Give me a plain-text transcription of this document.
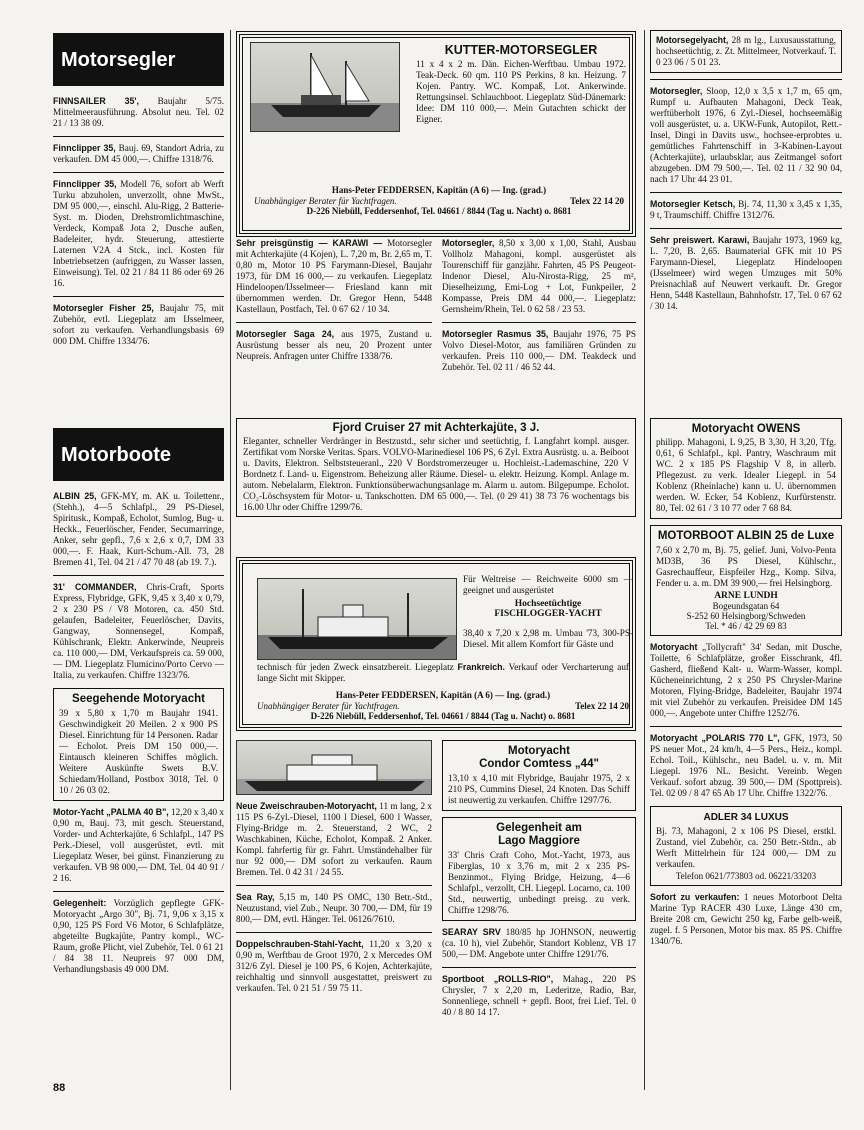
Motorsegler
FINNSAILER 35', Baujahr 5/75. Mittelmeerausführung. Absolut neu. Tel. 02 21 / 13 38 09.
Finnclipper 35, Bauj. 69, Standort Adria, zu verkaufen. DM 45 000,—. Chiffre 1318/76.
Finnclipper 35, Modell 76, sofort ab Werft Turku abzuholen, unverzollt, ohne MwSt., DM 95 000,—, einschl. Alu-Rigg, 2 Batterie-Syst. m. Dioden, Drehstromlichtmaschine, Verdeck, Kompaß Jota 2, Dusche außen, Badeleiter, hydr. Steuerung, attestierte Laternen V2A 4 Stck., incl. Kosten für Inbetriebsetzen (aufriggen, zu Wasser lassen, Einweisung). Tel. 02 21 / 84 11 86 oder 69 26 16.
Motorsegler Fisher 25, Baujahr 75, mit Zubehör, evtl. Liegeplatz am IJsselmeer, sofort zu verkaufen. Verhandlungsbasis 69 000 DM. Chiffre 1334/76.
Motorboote
ALBIN 25, GFK-MY, m. AK u. Toilettenr., (Stehh.), 4—5 Schlafpl., 29 PS-Diesel, Spiritusk., Kompaß, Echolot, Sumlog, Bug- u. Heckk., Feuerlöscher, Fender, Secumarringe, Anker, sehr gepfl., 7,6 x 2,6 x 0,7, DM 33 000,—. F. Haak, Kurt-Schum.-All. 73, 28 Bremen 41, Tel. 04 21 / 47 70 48 (ab 19. 7.).
31' COMMANDER, Chris-Craft, Sports Express, Flybridge, GFK, 9,45 x 3,40 x 0,79, 2 x 230 PS / V8 Motoren, ca. 450 Std. gelaufen, Badeleiter, Feuerlöscher, Davits, Gangway, Sonnensegel, Kompaß, Kühlschrank, Elektr. Ankerwinde, Neupreis ca. 110 000,— DM, Verkaufspreis ca. 59 000,— DM. Liegeplatz Flumicino/Porto Cervo — Italia, zu verkaufen. Chiffre 1323/76.
Seegehende Motoryacht
39 x 5,80 x 1,70 m Baujahr 1941. Geschwindigkeit 20 Meilen. 2 x 900 PS Diesel. Einrichtung für 14 Personen. Radar — Echolot. Preis DM 150 000,—. Eintausch kleineren Schiffes möglich. Weitere Auskünfte Swets B.V. Schiedam/Holland, Postbox 3018, Tel. 0 10 / 26 03 02.
Motor-Yacht „PALMA 40 B", 12,20 x 3,40 x 0,90 m, Bauj. 73, mit gesch. Steuerstand, Vorder- und Achterkajüte, 6 Schlafpl., 147 PS Perk.-Diesel, voll ausgerüstet, evtl. mit Liegeplatz Weser, bei günst. Finanzierung zu verkaufen. VB 98 000,— DM. Tel. 04 40 91 / 2 16.
Gelegenheit: Vorzüglich gepflegte GFK-Motoryacht „Argo 30", Bj. 71, 9,06 x 3,15 x 0,90, 125 PS Ford V6 Motor, 6 Schlafplätze, abgeteilte Bugkajüte, Pantry kompl., WC-Raum, große Plicht, viel Zubehör, Tel. 0 61 21 / 84 38 11. Neupreis 97 000 DM, Verhandlungsbasis 49 000 DM.
KUTTER-MOTORSEGLER
11 x 4 x 2 m. Dän. Eichen-Werftbau. Umbau 1972. Teak-Deck. 60 qm. 110 PS Perkins, 8 kn. Heizung. 7 Kojen. Pantry. WC. Kompaß, Lot. Ankerwinde. Rettungsinsel. Schlauchboot. Liegeplatz Süd-Dänemark: Idee: DM 110 000,—. Mein Gutachten schickt der Eigner.
Hans-Peter FEDDERSEN, Kapitän (A 6) — Ing. (grad.)
Unabhängiger Berater für Yachtfragen.	Telex 22 14 20
D-226 Niebüll, Feddersenhof, Tel. 04661 / 8844 (Tag u. Nacht) o. 8681
Sehr preisgünstig — KARAWI — Motorsegler mit Achterkajüte (4 Kojen), L. 7,20 m, Br. 2,65 m, T. 0,80 m, Motor 10 PS Farymann-Diesel, Baujahr 1973, für DM 16 000,— zu verkaufen. Liegeplatz Hindeloopen/IJsselmeer— Friesland kann mit übernommen werden. Dr. Gregor Henn, 5448 Kastellaun, Postfach, Tel. 0 67 62 / 10 34.
Motorsegler Saga 24, aus 1975, Zustand u. Ausrüstung besser als neu, 20 Prozent unter Neupreis. Anfragen unter Chiffre 1338/76.
Motorsegler, 8,50 x 3,00 x 1,00, Stahl, Ausbau Vollholz Mahagoni, kompl. ausgerüstet als Tourenschiff für ganzjähr. Fahrten, 45 PS Peugeot-Indenor Diesel, Alu-Nirosta-Rigg, 25 m², Dieselheizung, Emi-Log + Lot, Funkpeiler, 2 Kompasse, Preis DM 44 000,—. Liegeplatz: Gernsheim/Rhein, Tel. 0 62 58 / 23 53.
Motorsegler Rasmus 35, Baujahr 1976, 75 PS Volvo Diesel-Motor, aus familiären Gründen zu verkaufen. Preis 110 000,— DM. Teakdeck und Zubehör. Tel. 02 11 / 46 52 44.
Fjord Cruiser 27 mit Achterkajüte, 3 J.
Eleganter, schneller Verdränger in Bestzustd., sehr sicher und seetüchtig, f. Langfahrt kompl. ausger. Zertifikat vom Norske Veritas. Spars. VOLVO-Marinediesel 106 PS, 6 Zyl. Extra Ausrüstg. u. a. Beiboot u. Davits, Elektron. Selbststeueranl., 220 V Bordstromerzeuger u. Hochleist.-Lademaschine, 220 V Bordnetz f. Land- u. Eigenstrom. Beheizung aller Räume. Diesel- u. elektr. Heizung. Kompl. Anlage m. autom. Nebelalarm, Elektron. Funktionsüberwachungsanlage m. Alarm u. autom. Bilgepumpe. Echolot. CO₂-Löschsystem für Motor- u. Tankschotten. DM 65 000,—. Tel. (0 29 41) 38 73 76 wochentags bis 16.00 Uhr oder Chiffre 1299/76.
Für Weltreise — Reichweite 6000 sm — geeignet und ausgerüstet
Hochseetüchtige
FISCHLOGGER-YACHT
38,40 x 7,20 x 2,98 m. Umbau '73, 300-PS-Diesel. Mit allem Komfort für Gäste und
technisch für jeden Zweck einsatzbereit. Liegeplatz Frankreich. Verkauf oder Vercharterung auf lange Sicht mit Skipper.
Hans-Peter FEDDERSEN, Kapitän (A 6) — Ing. (grad.)
Unabhängiger Berater für Yachtfragen.	Telex 22 14 20
D-226 Niebüll, Feddersenhof, Tel. 04661 / 8844 (Tag u. Nacht) o. 8681
Neue Zweischrauben-Motoryacht, 11 m lang, 2 x 115 PS 6-Zyl.-Diesel, 1100 l Diesel, 600 l Wasser, Flying-Bridge m. 2. Steuerstand, 2 WC, 2 Waschkabinen, Küche, Echolot, Kompaß. 2 Anker. Kompl. fahrfertig für gr. Fahrt. Umständehalber für nur 92 000,— DM sofort zu verkaufen. Raum Bremen. Tel. 0 42 31 / 24 55.
Sea Ray, 5,15 m, 140 PS OMC, 130 Betr.-Std., Neuzustand, viel Zub., Neupr. 30 700,— DM, für 19 800,— DM, evtl. Hänger. Tel. 06126/7610.
Doppelschrauben-Stahl-Yacht, 11,20 x 3,20 x 0,90 m, Werftbau de Groot 1970, 2 x Mercedes OM 312/6 Zyl. Diesel je 100 PS, 6 Kojen, Achterkajüte, reichhaltig und sinnvoll ausgestattet, preiswert zu verkaufen. Tel. 0 21 51 / 59 75 11.
Motoryacht
Condor Comtess „44"
13,10 x 4,10 mit Flybridge, Baujahr 1975, 2 x 210 PS, Cummins Diesel, 24 Knoten. Das Schiff ist neuwertig zu verkaufen. Chiffre 1297/76.
Gelegenheit am
Lago Maggiore
33' Chris Craft Coho, Mot.-Yacht, 1973, aus Fiberglas, 10 x 3,76 m, mit 2 x 235 PS-Benzinmot., Flying Bridge, Heizung, 4—6 Schlafpl., verzollt, CH. Liegepl. Locarno, ca. 100 Std., neuwertig, unbedingt preisg. zu verk. Chiffre 1298/76.
SEARAY SRV 180/85 hp JOHNSON, neuwertig (ca. 10 h), viel Zubehör, Standort Koblenz, VB 17 500,— DM. Angebote unter Chiffre 1291/76.
Sportboot „ROLLS-RIO", Mahag., 220 PS Chrysler, 7 x 2,20 m, Lederitze, Radio, Bar, Sonnenliege, schnell + gepfl. Boot, frei Lief. Tel. 0 40 / 8 80 14 17.
Motorsegelyacht, 28 m lg., Luxusausstattung, hochseetüchtig, z. Zt. Mittelmeer, Notverkauf. T. 0 23 06 / 5 01 23.
Motorsegler, Sloop, 12,0 x 3,5 x 1,7 m, 65 qm, Rumpf u. Aufbauten Mahagoni, Deck Teak, werftüberholt 1976, 6 Zyl.-Diesel, hochseemäßig voll ausgerüstet, u. a. UKW-Funk, Autopilot, Rett.-Insel, Dingi in Davits usw., hochsee-erprobtes u. gemütliches Fahrtenschiff in 3-Kabinen-Layout (Achterkajüte), urlaubsklar, aus Zeitmangel sofort abzugeben. DM 79 500,—. Tel. 02 11 / 32 90 04, nach 17 Uhr 44 23 01.
Motorsegler Ketsch, Bj. 74, 11,30 x 3,45 x 1,35, 9 t, Traumschiff. Chiffre 1312/76.
Sehr preiswert. Karawi, Baujahr 1973, 1969 kg, L. 7,20, B. 2,65. Baumaterial GFK mit 10 PS Farymann-Diesel, Liegeplatz Hindeloopen (IJsselmeer) wird wegen Umzuges mit 50% Preisnachlaß auf Neuwert verkauft. Dr. Gregor Henn, 5448 Kastellaun, Bahnhofstr. 17, Tel. 0 67 62 / 30 14.
Motoryacht OWENS
philipp. Mahagoni, L 9,25, B 3,30, H 3,20, Tfg. 0,61, 6 Schlafpl., kpl. Pantry, Waschraum mit WC. 2 x 185 PS Flagship V 8, in allerb. Pflegezust. zu verk. Idealer Liegepl. in 54 Koblenz (Rheinlache) kann u. U. übernommen werden. W. Ecker, 54 Koblenz, Kurfürstenstr. 80, Tel. 02 61 / 3 10 77 oder 7 68 84.
MOTORBOOT ALBIN 25 de Luxe
7,60 x 2,70 m, Bj. 75, gelief. Juni, Volvo-Penta MD3B, 36 PS Diesel, Kühlschr., Gasrechauffeur, Eispfeiler Hzg., Komp. Silva, Fender u. a. m. DM 39 900,— frei Helsingborg.
ARNE LUNDH
Bogeundsgatan 64
S-252 60 Helsingborg/Schweden
Tel. * 46 / 42 29 69 83
Motoryacht „Tollycraft" 34' Sedan, mit Dusche, Toilette, 6 Schlafplätze, großer Eisschrank, 4fl. Gasherd, fließend Kalt- u. Warm-Wasser, kompl. Kücheneinrichtung, 2 x 250 PS Chrysler-Marine Motoren, Flying-Bridge, Badeleiter, Baujahr 1974 mit viel Zubehör zu verkaufen. Preisidee DM 145 000,—. Angebote unter Chiffre 1252/76.
Motoryacht „POLARIS 770 L", GFK, 1973, 50 PS neuer Mot., 24 km/h, 4—5 Pers., Heiz., kompl. Echol. Toil., Kühlschr., neu Badel. u. v. m. Mit Liegepl. 1976 NL. Besicht. Vereinb. Wegen Verkauf. sofort abzug. 39 500,— DM (Spottpreis). Tel. 02 09 / 8 47 65 Ab 17 Uhr. Chiffre 1322/76.
ADLER 34 LUXUS
Bj. 73, Mahagoni, 2 x 106 PS Diesel, erstkl. Zustand, viel Zubehör, ca. 250 Betr.-Stdn., ab Werft Mittelrhein für 124 000,— DM zu verkaufen.
Telefon 0621/773803 od. 06221/33203
Sofort zu verkaufen: 1 neues Motorboot Delta Marine Typ RACER 430 Luxe, Länge 430 cm, Breite 208 cm, Gewicht 250 kg, Farbe gelb-weiß, zugel. f. 5 Personen, Motor bis max. 85 PS. Chiffre 1340/76.
88
